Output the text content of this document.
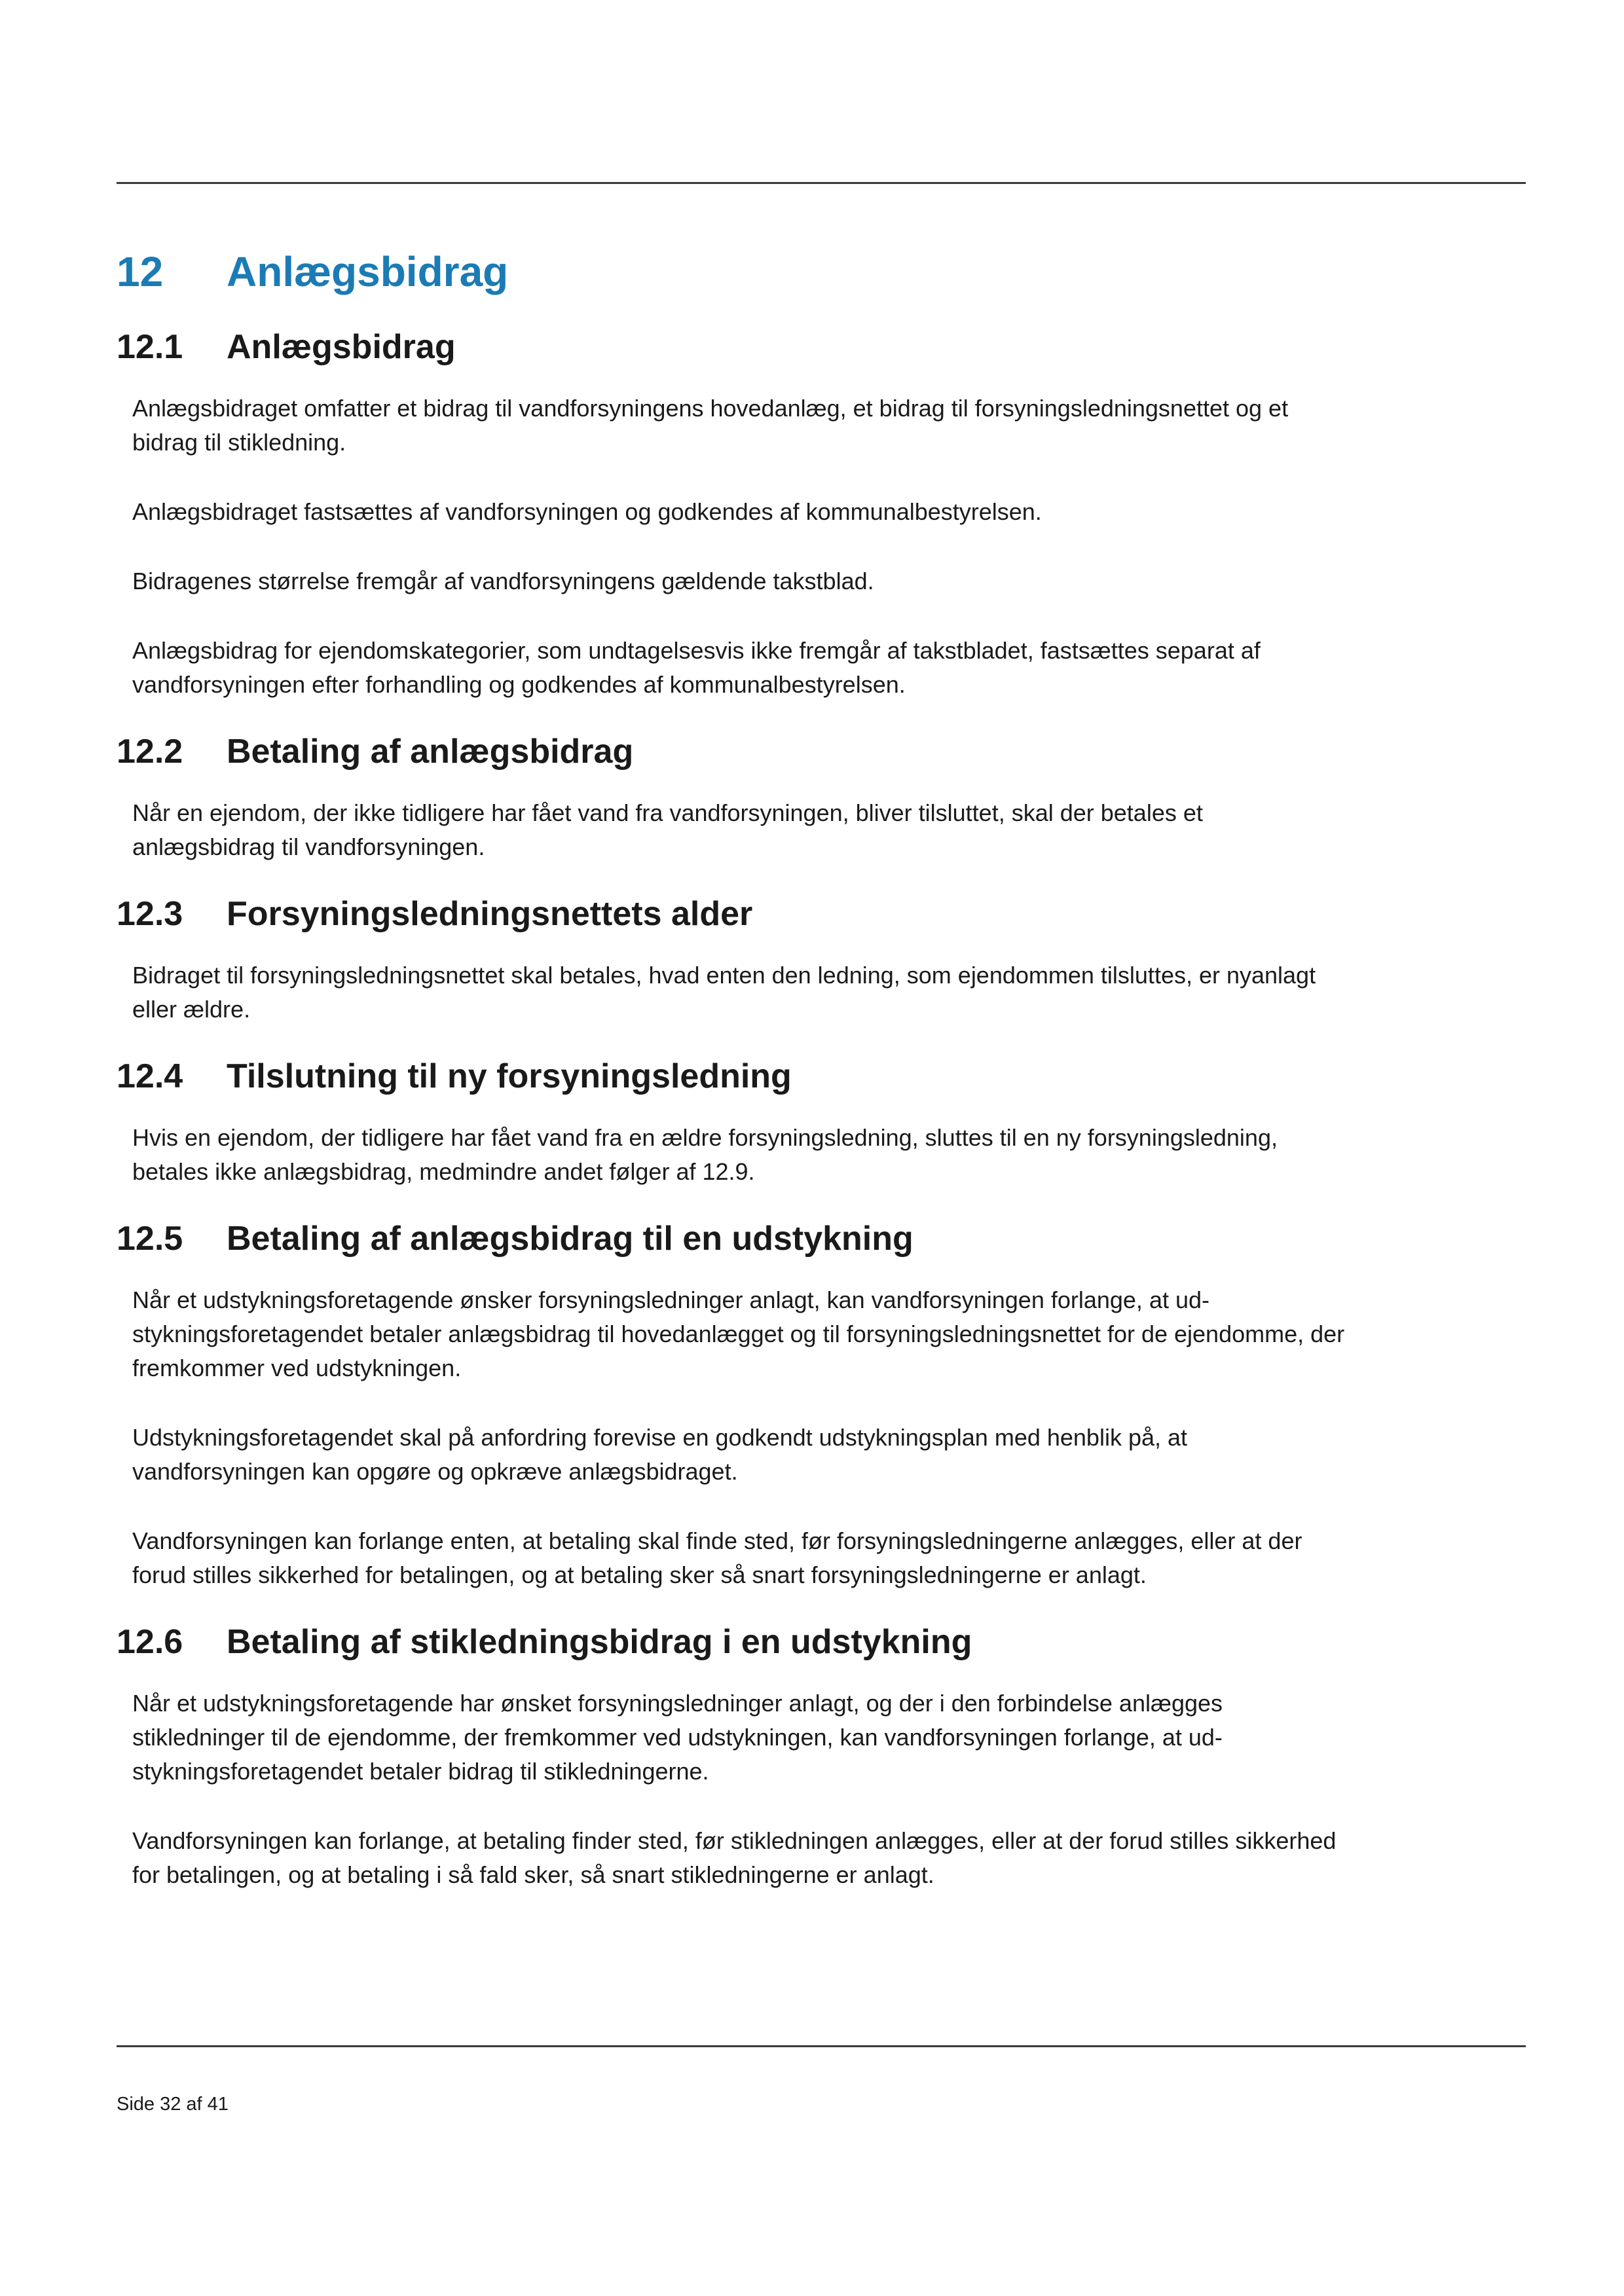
12	Anlægsbidrag
12.1	Anlægsbidrag

Anlægsbidraget omfatter et bidrag til vandforsyningens hovedanlæg, et bidrag til forsyningsledningsnettet og et bidrag til stikledning.

Anlægsbidraget fastsættes af vandforsyningen og godkendes af kommunalbestyrelsen.

Bidragenes størrelse fremgår af vandforsyningens gældende takstblad.

Anlægsbidrag for ejendomskategorier, som undtagelsesvis ikke fremgår af takstbladet, fastsættes separat af vandforsyningen efter forhandling og godkendes af kommunalbestyrelsen.

12.2	Betaling af anlægsbidrag

Når en ejendom, der ikke tidligere har fået vand fra vandforsyningen, bliver tilsluttet, skal der betales et anlægsbidrag til vandforsyningen.

12.3	Forsyningsledningsnettets alder

Bidraget til forsyningsledningsnettet skal betales, hvad enten den ledning, som ejendommen tilsluttes, er nyanlagt eller ældre.

12.4	Tilslutning til ny forsyningsledning

Hvis en ejendom, der tidligere har fået vand fra en ældre forsyningsledning, sluttes til en ny forsyningsledning, betales ikke anlægsbidrag, medmindre andet følger af 12.9.

12.5	Betaling af anlægsbidrag til en udstykning

Når et udstykningsforetagende ønsker forsyningsledninger anlagt, kan vandforsyningen forlange, at udstykningsforetagendet betaler anlægsbidrag til hovedanlægget og til forsyningsledningsnettet for de ejendomme, der fremkommer ved udstykningen.

Udstykningsforetagendet skal på anfordring forevise en godkendt udstykningsplan med henblik på, at vandforsyningen kan opgøre og opkræve anlægsbidraget.

Vandforsyningen kan forlange enten, at betaling skal finde sted, før forsyningsledningerne anlægges, eller at der forud stilles sikkerhed for betalingen, og at betaling sker så snart forsyningsledningerne er anlagt.

12.6	Betaling af stikledningsbidrag i en udstykning

Når et udstykningsforetagende har ønsket forsyningsledninger anlagt, og der i den forbindelse anlægges stikledninger til de ejendomme, der fremkommer ved udstykningen, kan vandforsyningen forlange, at udstykningsforetagendet betaler bidrag til stikledningerne.

Vandforsyningen kan forlange, at betaling finder sted, før stikledningen anlægges, eller at der forud stilles sikkerhed for betalingen, og at betaling i så fald sker, så snart stikledningerne er anlagt.

Side 32 af 41
